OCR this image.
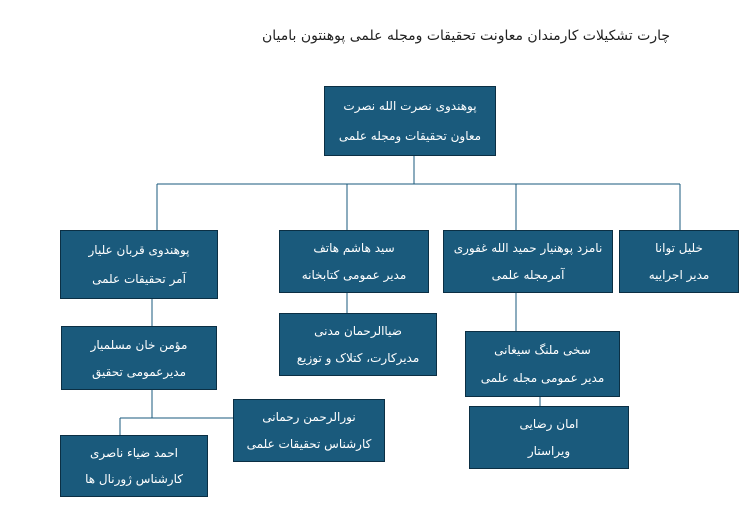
چارت تشکیلات کارمندان معاونت تحقیقات ومجله علمی پوهنتون بامیان
پوهندوی نصرت الله نصرت
معاون تحقیقات ومجله علمی
پوهندوی قربان علیار
آمر تحقیقات علمی
سید هاشم هاتف
مدیر عمومی کتابخانه
نامزد پوهنیار حمید الله غفوری
آمرمجله علمی
خلیل توانا
مدیر اجراییه
مؤمن خان مسلمیار
مدیرعمومی تحقیق
ضیاالرحمان مدنی
مدیرکارت، کتلاک و توزیع
سخی ملنگ سیغانی
مدیر عمومی مجله علمی
امان رضایی
ویراستار
نورالرحمن رحمانی
کارشناس تحقیقات علمی
احمد ضیاء ناصری
کارشناس ژورنال ها
